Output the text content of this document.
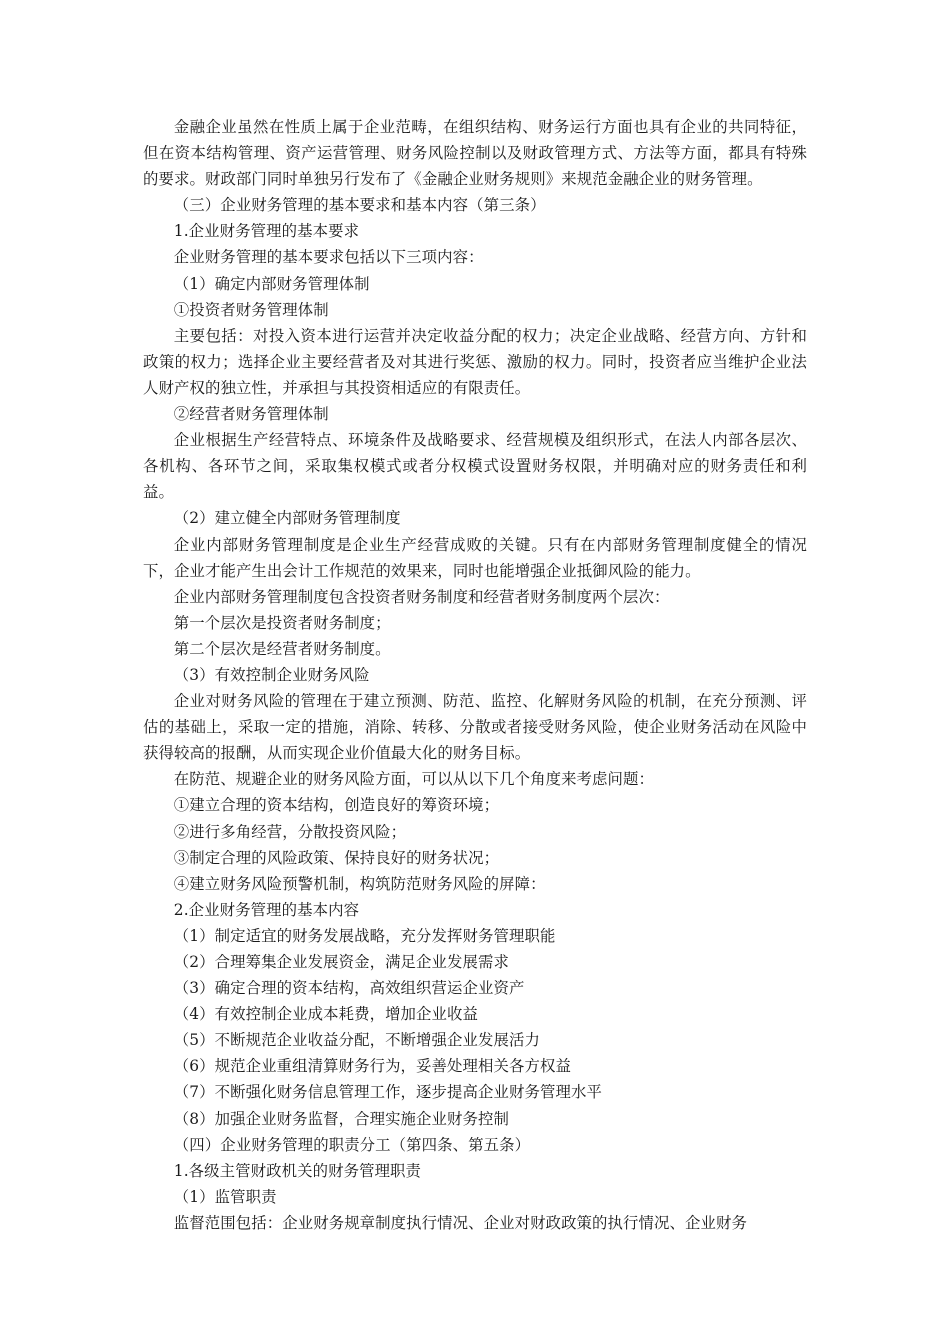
金融企业虽然在性质上属于企业范畴，在组织结构、财务运行方面也具有企业的共同特征，但在资本结构管理、资产运营管理、财务风险控制以及财政管理方式、方法等方面，都具有特殊的要求。财政部门同时单独另行发布了《金融企业财务规则》来规范金融企业的财务管理。

（三）企业财务管理的基本要求和基本内容（第三条）

1.企业财务管理的基本要求

企业财务管理的基本要求包括以下三项内容：

（1）确定内部财务管理体制

①投资者财务管理体制

主要包括：对投入资本进行运营并决定收益分配的权力；决定企业战略、经营方向、方针和政策的权力；选择企业主要经营者及对其进行奖惩、激励的权力。同时，投资者应当维护企业法人财产权的独立性，并承担与其投资相适应的有限责任。

②经营者财务管理体制

企业根据生产经营特点、环境条件及战略要求、经营规模及组织形式，在法人内部各层次、各机构、各环节之间，采取集权模式或者分权模式设置财务权限，并明确对应的财务责任和利益。

（2）建立健全内部财务管理制度

企业内部财务管理制度是企业生产经营成败的关键。只有在内部财务管理制度健全的情况下，企业才能产生出会计工作规范的效果来，同时也能增强企业抵御风险的能力。

企业内部财务管理制度包含投资者财务制度和经营者财务制度两个层次：

第一个层次是投资者财务制度；

第二个层次是经营者财务制度。

（3）有效控制企业财务风险

企业对财务风险的管理在于建立预测、防范、监控、化解财务风险的机制，在充分预测、评估的基础上，采取一定的措施，消除、转移、分散或者接受财务风险，使企业财务活动在风险中获得较高的报酬，从而实现企业价值最大化的财务目标。

在防范、规避企业的财务风险方面，可以从以下几个角度来考虑问题：

①建立合理的资本结构，创造良好的筹资环境；

②进行多角经营，分散投资风险；

③制定合理的风险政策、保持良好的财务状况；

④建立财务风险预警机制，构筑防范财务风险的屏障：

2.企业财务管理的基本内容

（1）制定适宜的财务发展战略，充分发挥财务管理职能

（2）合理筹集企业发展资金，满足企业发展需求

（3）确定合理的资本结构，高效组织营运企业资产

（4）有效控制企业成本耗费，增加企业收益

（5）不断规范企业收益分配，不断增强企业发展活力

（6）规范企业重组清算财务行为，妥善处理相关各方权益

（7）不断强化财务信息管理工作，逐步提高企业财务管理水平

（8）加强企业财务监督，合理实施企业财务控制

（四）企业财务管理的职责分工（第四条、第五条）

1.各级主管财政机关的财务管理职责

（1）监管职责

监督范围包括：企业财务规章制度执行情况、企业对财政政策的执行情况、企业财务
